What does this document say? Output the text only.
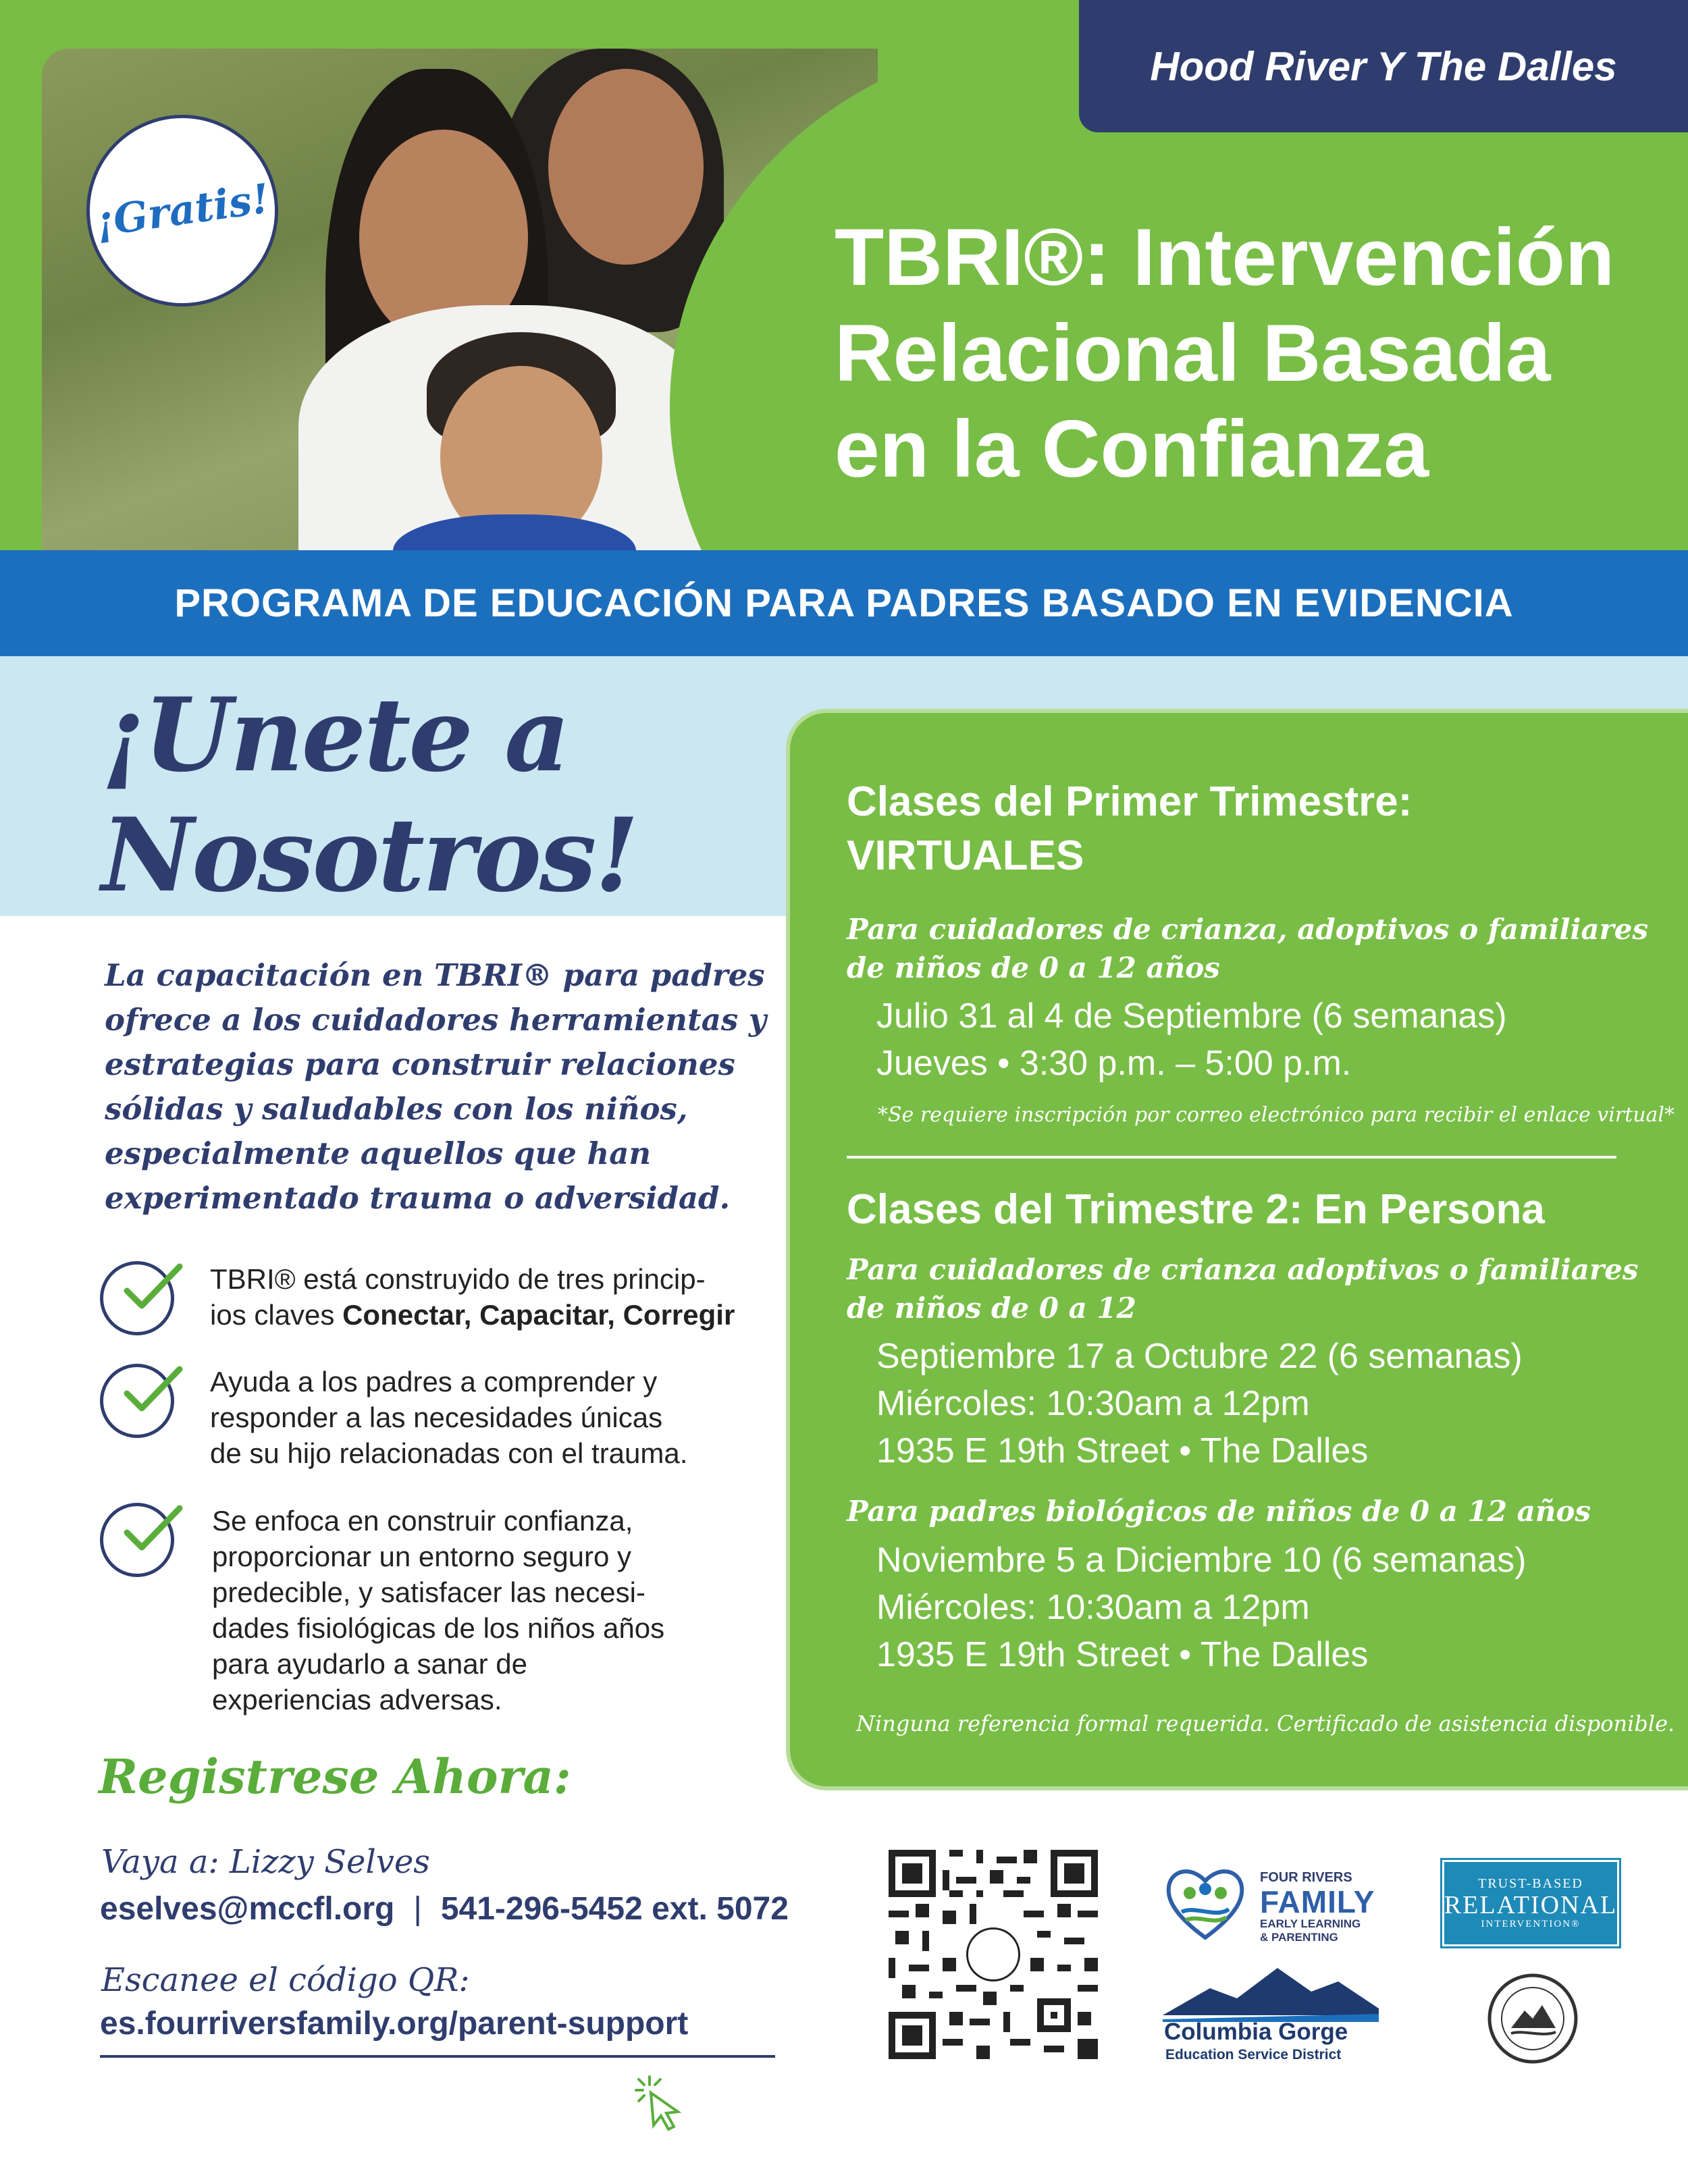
¡Gratis!
Hood River Y The Dalles
TBRI®: Intervención
Relacional Basada
en la Confianza
PROGRAMA DE EDUCACIÓN PARA PADRES BASADO EN EVIDENCIA
¡Unete a
Nosotros!
La capacitación en TBRI® para padres
ofrece a los cuidadores herramientas y
estrategias para construir relaciones
sólidas y saludables con los niños,
especialmente aquellos que han
experimentado trauma o adversidad.
TBRI® está construyido de tres princip-
ios claves Conectar, Capacitar, Corregir
Ayuda a los padres a comprender y
responder a las necesidades únicas
de su hijo relacionadas con el trauma.
Se enfoca en construir confianza,
proporcionar un entorno seguro y
predecible, y satisfacer las necesi-
dades fisiológicas de los niños años
para ayudarlo a sanar de
experiencias adversas.
Registrese Ahora:
Vaya a: Lizzy Selves
eselves@mccfl.org | 541-296-5452 ext. 5072
Escanee el código QR:
es.fourriversfamily.org/parent-support
Clases del Primer Trimestre:
VIRTUALES
Para cuidadores de crianza, adoptivos o familiares
de niños de 0 a 12 años
Julio 31 al 4 de Septiembre (6 semanas)
Jueves • 3:30 p.m. – 5:00 p.m.
*Se requiere inscripción por correo electrónico para recibir el enlace virtual*
Clases del Trimestre 2: En Persona
Para cuidadores de crianza adoptivos o familiares
de niños de 0 a 12
Septiembre 17 a Octubre 22 (6 semanas)
Miércoles: 10:30am a 12pm
1935 E 19th Street • The Dalles
Para padres biológicos de niños de 0 a 12 años
Noviembre 5 a Diciembre 10 (6 semanas)
Miércoles: 10:30am a 12pm
1935 E 19th Street • The Dalles
Ninguna referencia formal requerida. Certificado de asistencia disponible.
FOUR RIVERS
FAMILY
EARLY LEARNING
& PARENTING
TRUST-BASED
RELATIONAL
INTERVENTION®
Columbia Gorge
Education Service District
